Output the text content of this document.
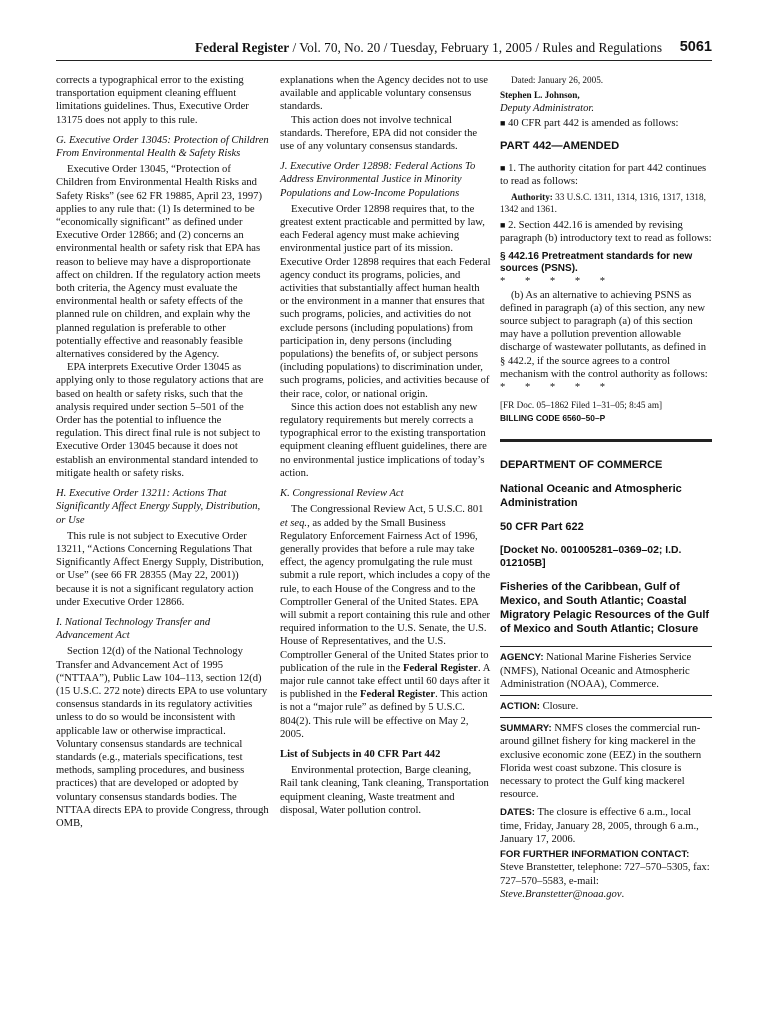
Federal Register / Vol. 70, No. 20 / Tuesday, February 1, 2005 / Rules and Regulations 5061

corrects a typographical error to the existing transportation equipment cleaning effluent limitations guidelines. Thus, Executive Order 13175 does not apply to this rule.

G. Executive Order 13045: Protection of Children From Environmental Health & Safety Risks

Executive Order 13045, “Protection of Children from Environmental Health Risks and Safety Risks” (see 62 FR 19885, April 23, 1997) applies to any rule that: (1) Is determined to be “economically significant” as defined under Executive Order 12866; and (2) concerns an environmental health or safety risk that EPA has reason to believe may have a disproportionate affect on children. If the regulatory action meets both criteria, the Agency must evaluate the environmental health or safety effects of the planned rule on children, and explain why the planned regulation is preferable to other potentially effective and reasonably feasible alternatives considered by the Agency.

EPA interprets Executive Order 13045 as applying only to those regulatory actions that are based on health or safety risks, such that the analysis required under section 5–501 of the Order has the potential to influence the regulation. This direct final rule is not subject to Executive Order 13045 because it does not establish an environmental standard intended to mitigate health or safety risks.

H. Executive Order 13211: Actions That Significantly Affect Energy Supply, Distribution, or Use

This rule is not subject to Executive Order 13211, “Actions Concerning Regulations That Significantly Affect Energy Supply, Distribution, or Use” (see 66 FR 28355 (May 22, 2001)) because it is not a significant regulatory action under Executive Order 12866.

I. National Technology Transfer and Advancement Act

Section 12(d) of the National Technology Transfer and Advancement Act of 1995 (“NTTAA”), Public Law 104–113, section 12(d) (15 U.S.C. 272 note) directs EPA to use voluntary consensus standards in its regulatory activities unless to do so would be inconsistent with applicable law or otherwise impractical. Voluntary consensus standards are technical standards (e.g., materials specifications, test methods, sampling procedures, and business practices) that are developed or adopted by voluntary consensus standards bodies. The NTTAA directs EPA to provide Congress, through OMB,

explanations when the Agency decides not to use available and applicable voluntary consensus standards.

This action does not involve technical standards. Therefore, EPA did not consider the use of any voluntary consensus standards.

J. Executive Order 12898: Federal Actions To Address Environmental Justice in Minority Populations and Low-Income Populations

Executive Order 12898 requires that, to the greatest extent practicable and permitted by law, each Federal agency must make achieving environmental justice part of its mission. Executive Order 12898 requires that each Federal agency conduct its programs, policies, and activities that substantially affect human health or the environment in a manner that ensures that such programs, policies, and activities do not exclude persons (including populations) from participation in, deny persons (including populations) the benefits of, or subject persons (including populations) to discrimination under, such programs, policies, and activities because of their race, color, or national origin.

Since this action does not establish any new regulatory requirements but merely corrects a typographical error to the existing transportation equipment cleaning effluent guidelines, there are no environmental justice implications of today’s action.

K. Congressional Review Act

The Congressional Review Act, 5 U.S.C. 801 et seq., as added by the Small Business Regulatory Enforcement Fairness Act of 1996, generally provides that before a rule may take effect, the agency promulgating the rule must submit a rule report, which includes a copy of the rule, to each House of the Congress and to the Comptroller General of the United States. EPA will submit a report containing this rule and other required information to the U.S. Senate, the U.S. House of Representatives, and the U.S. Comptroller General of the United States prior to publication of the rule in the Federal Register. A major rule cannot take effect until 60 days after it is published in the Federal Register. This action is not a “major rule” as defined by 5 U.S.C. 804(2). This rule will be effective on May 2, 2005.

List of Subjects in 40 CFR Part 442

Environmental protection, Barge cleaning, Rail tank cleaning, Tank cleaning, Transportation equipment cleaning, Waste treatment and disposal, Water pollution control.

Dated: January 26, 2005.

Stephen L. Johnson,

Deputy Administrator.

■ 40 CFR part 442 is amended as follows:

PART 442—AMENDED

■ 1. The authority citation for part 442 continues to read as follows:

Authority: 33 U.S.C. 1311, 1314, 1316, 1317, 1318, 1342 and 1361.

■ 2. Section 442.16 is amended by revising paragraph (b) introductory text to read as follows:

§ 442.16 Pretreatment standards for new sources (PSNS).

* * * * *

(b) As an alternative to achieving PSNS as defined in paragraph (a) of this section, any new source subject to paragraph (a) of this section may have a pollution prevention allowable discharge of wastewater pollutants, as defined in § 442.2, if the source agrees to a control mechanism with the control authority as follows:

* * * * *

[FR Doc. 05–1862 Filed 1–31–05; 8:45 am]

BILLING CODE 6560–50–P

DEPARTMENT OF COMMERCE

National Oceanic and Atmospheric Administration

50 CFR Part 622

[Docket No. 001005281–0369–02; I.D. 012105B]

Fisheries of the Caribbean, Gulf of Mexico, and South Atlantic; Coastal Migratory Pelagic Resources of the Gulf of Mexico and South Atlantic; Closure

AGENCY: National Marine Fisheries Service (NMFS), National Oceanic and Atmospheric Administration (NOAA), Commerce.

ACTION: Closure.

SUMMARY: NMFS closes the commercial run-around gillnet fishery for king mackerel in the exclusive economic zone (EEZ) in the southern Florida west coast subzone. This closure is necessary to protect the Gulf king mackerel resource.

DATES: The closure is effective 6 a.m., local time, Friday, January 28, 2005, through 6 a.m., January 17, 2006.

FOR FURTHER INFORMATION CONTACT:

Steve Branstetter, telephone: 727–570–5305, fax: 727–570–5583, e-mail: Steve.Branstetter@noaa.gov.
